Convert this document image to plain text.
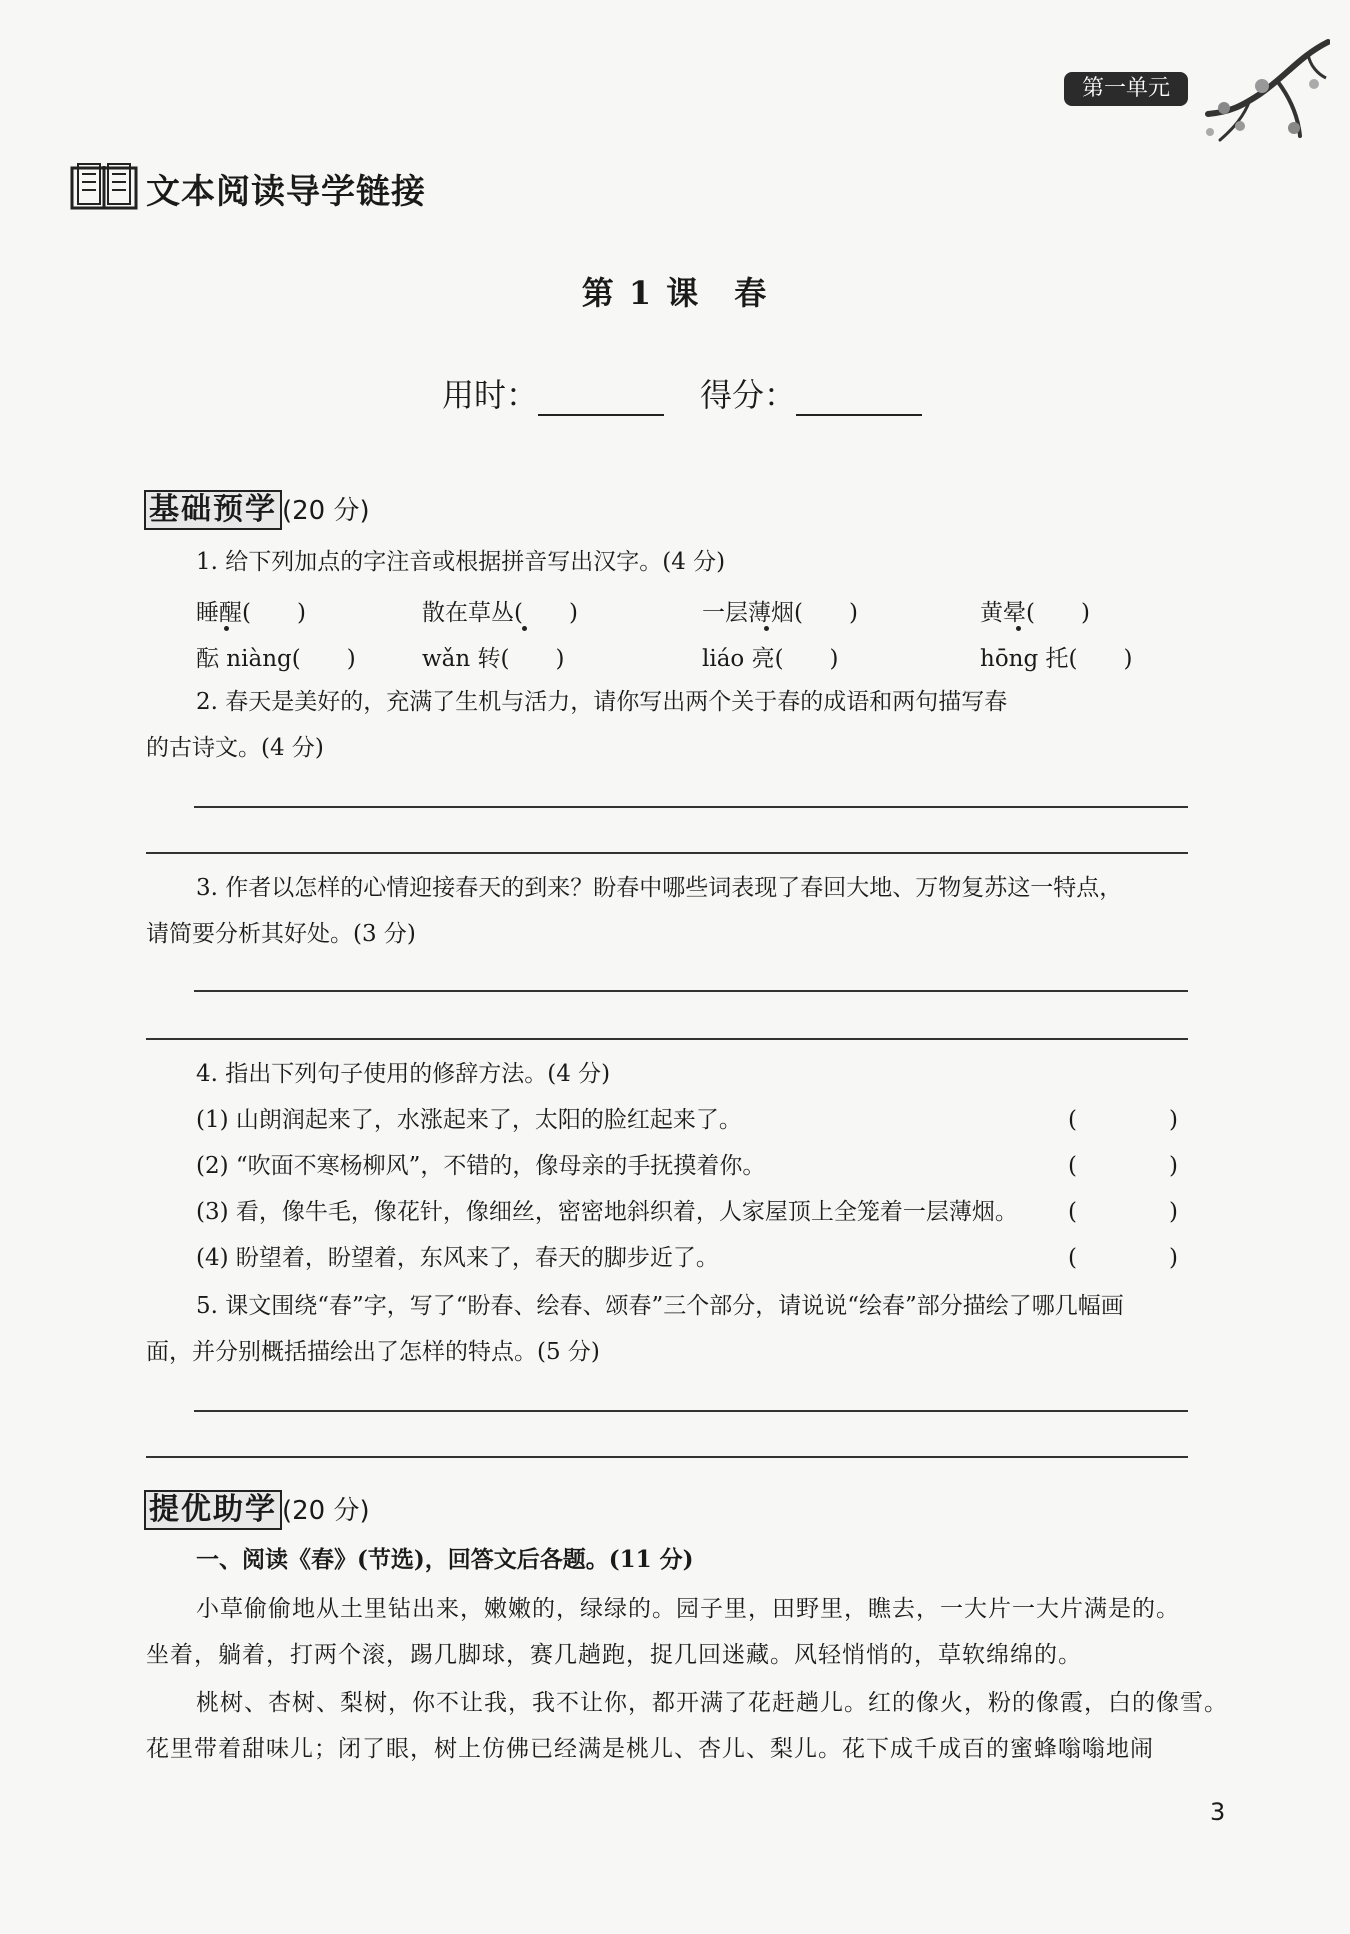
第一单元
文本阅读导学链接
第 1 课　春
用时：	得分：
基础预学 (20 分)
1. 给下列加点的字注音或根据拼音写出汉字。(4 分)
睡醒(　　)	散在草丛(　　)	一层薄烟(　　)	黄晕(　　)
酝 niàng(　　)	wǎn 转(　　)	liáo 亮(　　)	hōng 托(　　)
2. 春天是美好的，充满了生机与活力，请你写出两个关于春的成语和两句描写春
的古诗文。(4 分)
3. 作者以怎样的心情迎接春天的到来？盼春中哪些词表现了春回大地、万物复苏这一特点，
请简要分析其好处。(3 分)
4. 指出下列句子使用的修辞方法。(4 分)
(1) 山朗润起来了，水涨起来了，太阳的脸红起来了。	(　　　　)
(2) “吹面不寒杨柳风”，不错的，像母亲的手抚摸着你。	(　　　　)
(3) 看，像牛毛，像花针，像细丝，密密地斜织着，人家屋顶上全笼着一层薄烟。 (　　　　)
(4) 盼望着，盼望着，东风来了，春天的脚步近了。	(　　　　)
5. 课文围绕“春”字，写了“盼春、绘春、颂春”三个部分，请说说“绘春”部分描绘了哪几幅画
面，并分别概括描绘出了怎样的特点。(5 分)
提优助学 (20 分)
一、阅读《春》(节选)，回答文后各题。(11 分)
小草偷偷地从土里钻出来，嫩嫩的，绿绿的。园子里，田野里，瞧去，一大片一大片满是的。
坐着，躺着，打两个滚，踢几脚球，赛几趟跑，捉几回迷藏。风轻悄悄的，草软绵绵的。
桃树、杏树、梨树，你不让我，我不让你，都开满了花赶趟儿。红的像火，粉的像霞，白的像雪。
花里带着甜味儿；闭了眼，树上仿佛已经满是桃儿、杏儿、梨儿。花下成千成百的蜜蜂嗡嗡地闹
3
